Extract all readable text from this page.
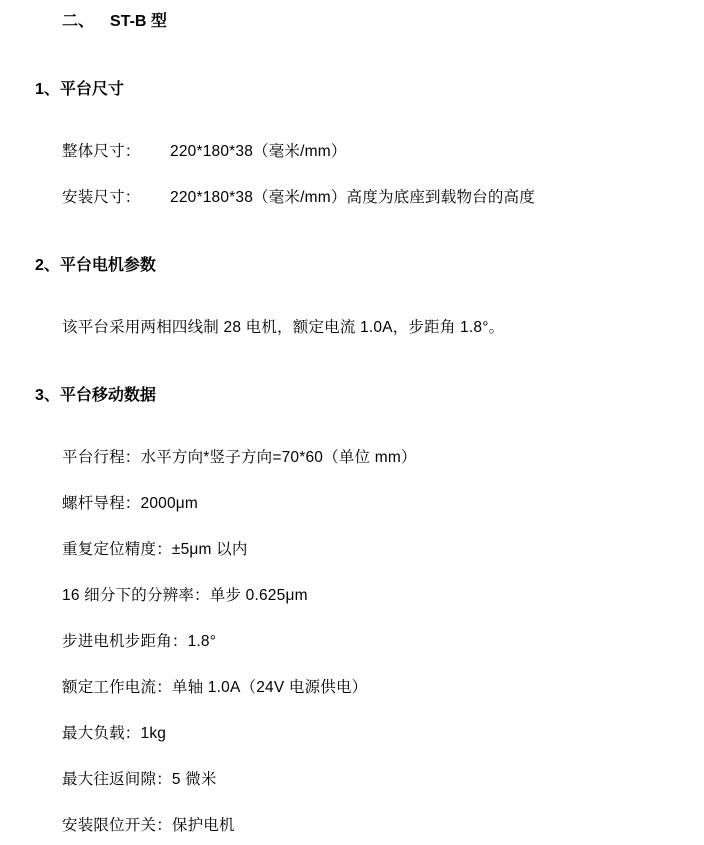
二、 ST-B 型
1、平台尺寸

整体尺寸： 220*180*38（毫米/mm）

安装尺寸： 220*180*38（毫米/mm）高度为底座到载物台的高度

2、平台电机参数

该平台采用两相四线制 28 电机，额定电流 1.0A，步距角 1.8°。

3、平台移动数据

平台行程：水平方向*竖子方向=70*60（单位 mm）

螺杆导程：2000μm

重复定位精度：±5μm 以内

16 细分下的分辨率：单步 0.625μm

步进电机步距角：1.8°

额定工作电流：单轴 1.0A（24V 电源供电）

最大负载：1kg

最大往返间隙：5 微米

安装限位开关：保护电机
